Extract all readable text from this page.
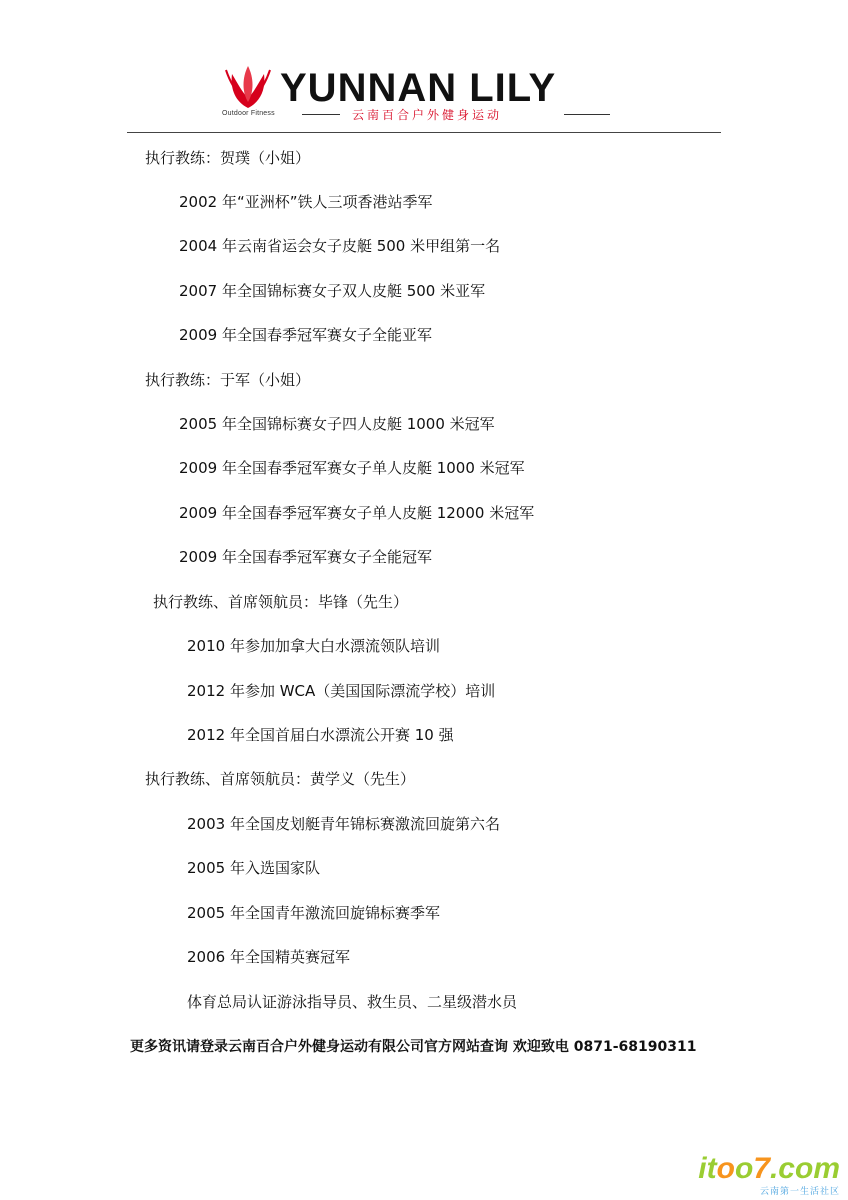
Outdoor Fitness
YUNNAN LILY
云南百合户外健身运动
执行教练：贺璞（小姐）
2002 年“亚洲杯”铁人三项香港站季军
2004 年云南省运会女子皮艇 500 米甲组第一名
2007 年全国锦标赛女子双人皮艇 500 米亚军
2009 年全国春季冠军赛女子全能亚军
执行教练：于军（小姐）
2005 年全国锦标赛女子四人皮艇 1000 米冠军
2009 年全国春季冠军赛女子单人皮艇 1000 米冠军
2009 年全国春季冠军赛女子单人皮艇 12000 米冠军
2009 年全国春季冠军赛女子全能冠军
执行教练、首席领航员：毕锋（先生）
2010 年参加加拿大白水漂流领队培训
2012 年参加 WCA（美国国际漂流学校）培训
2012 年全国首届白水漂流公开赛 10 强
执行教练、首席领航员：黄学义（先生）
2003 年全国皮划艇青年锦标赛激流回旋第六名
2005 年入选国家队
2005 年全国青年激流回旋锦标赛季军
2006 年全国精英赛冠军
体育总局认证游泳指导员、救生员、二星级潜水员
更多资讯请登录云南百合户外健身运动有限公司官方网站查询 欢迎致电 0871-68190311
itoo7.com
云南第一生活社区
